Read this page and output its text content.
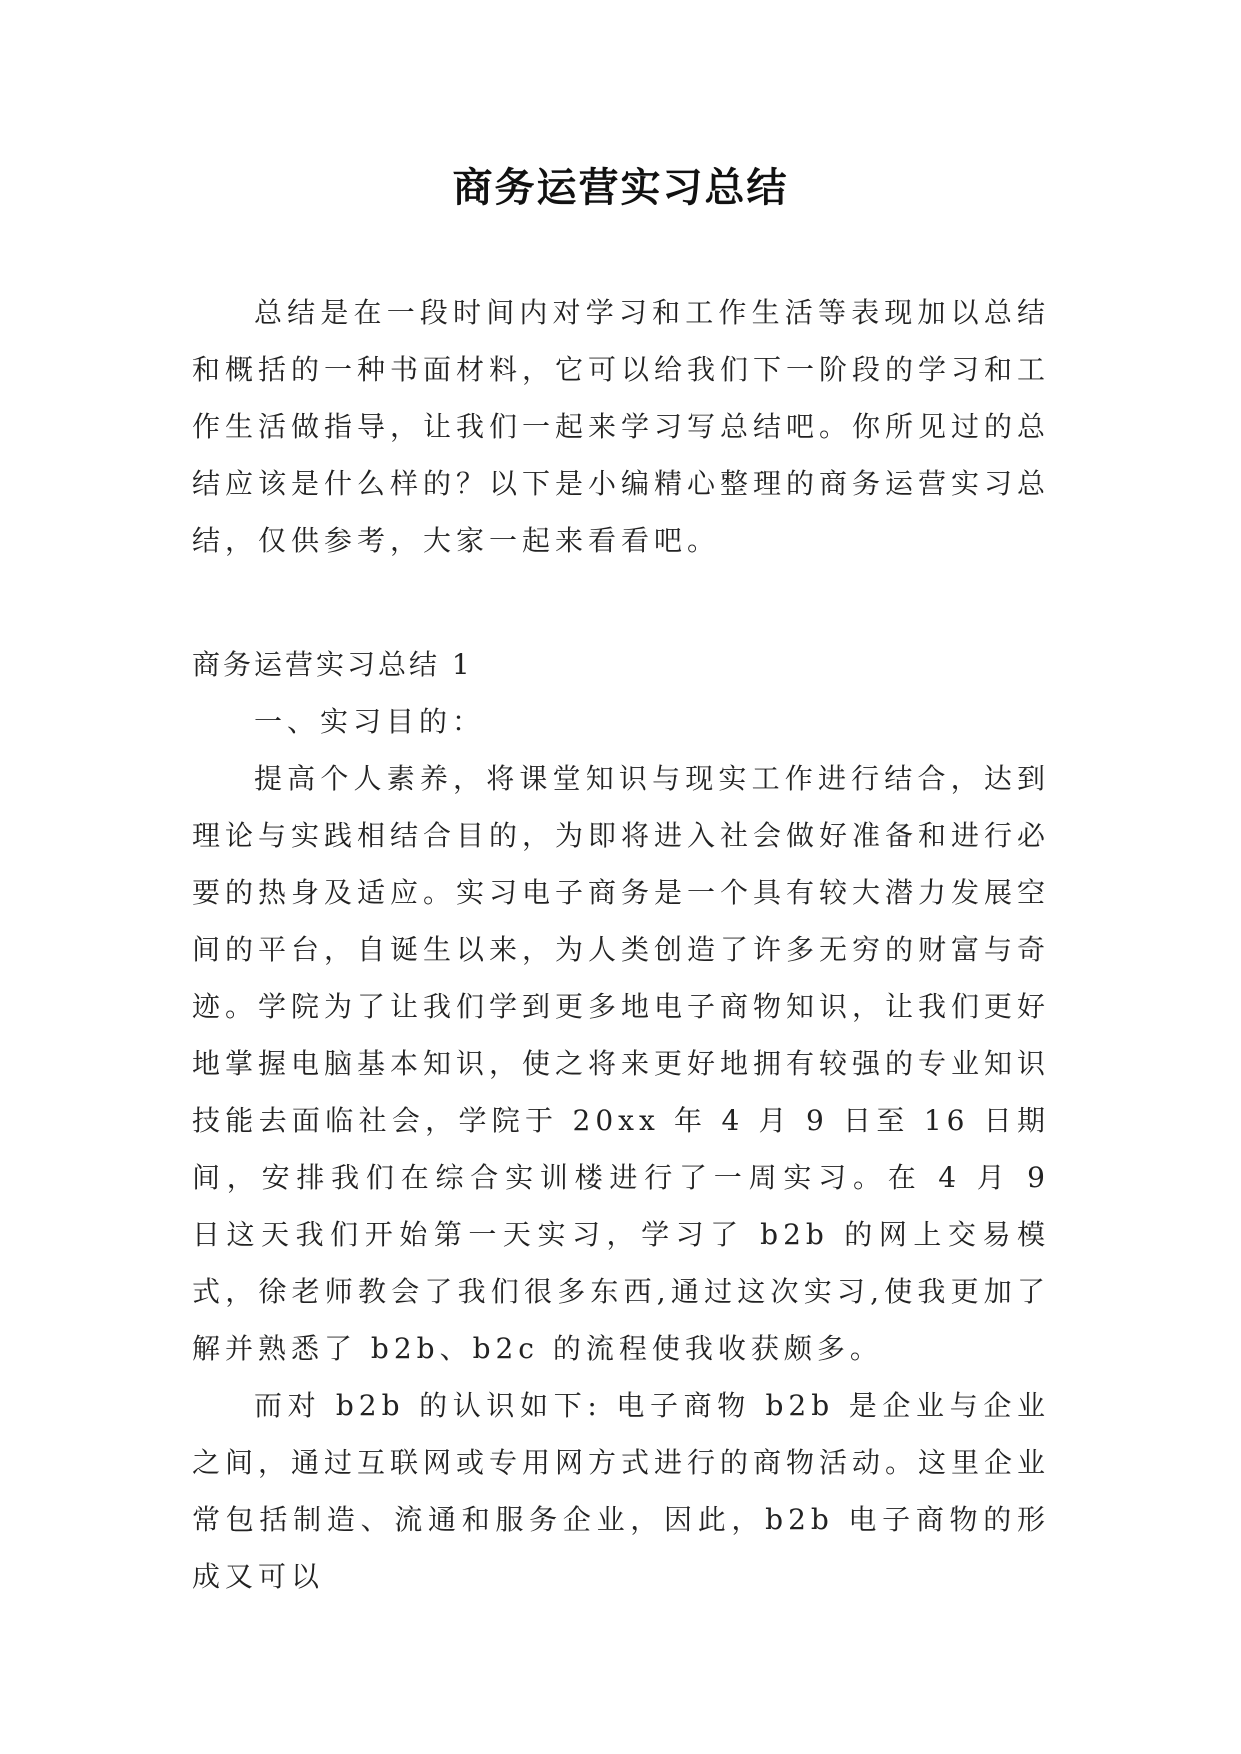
商务运营实习总结

总结是在一段时间内对学习和工作生活等表现加以总结和概括的一种书面材料，它可以给我们下一阶段的学习和工作生活做指导，让我们一起来学习写总结吧。你所见过的总结应该是什么样的？以下是小编精心整理的商务运营实习总结，仅供参考，大家一起来看看吧。

商务运营实习总结 1

一、实习目的：

提高个人素养，将课堂知识与现实工作进行结合，达到理论与实践相结合目的，为即将进入社会做好准备和进行必要的热身及适应。实习电子商务是一个具有较大潜力发展空间的平台，自诞生以来，为人类创造了许多无穷的财富与奇迹。学院为了让我们学到更多地电子商物知识，让我们更好地掌握电脑基本知识，使之将来更好地拥有较强的专业知识技能去面临社会，学院于 20xx 年 4 月 9 日至 16 日期间，安排我们在综合实训楼进行了一周实习。在 4 月 9 日这天我们开始第一天实习，学习了 b2b 的网上交易模式，徐老师教会了我们很多东西,通过这次实习,使我更加了解并熟悉了 b2b、b2c 的流程使我收获颇多。

而对 b2b 的认识如下: 电子商物 b2b 是企业与企业之间，通过互联网或专用网方式进行的商物活动。这里企业常包括制造、流通和服务企业，因此，b2b 电子商物的形成又可以
